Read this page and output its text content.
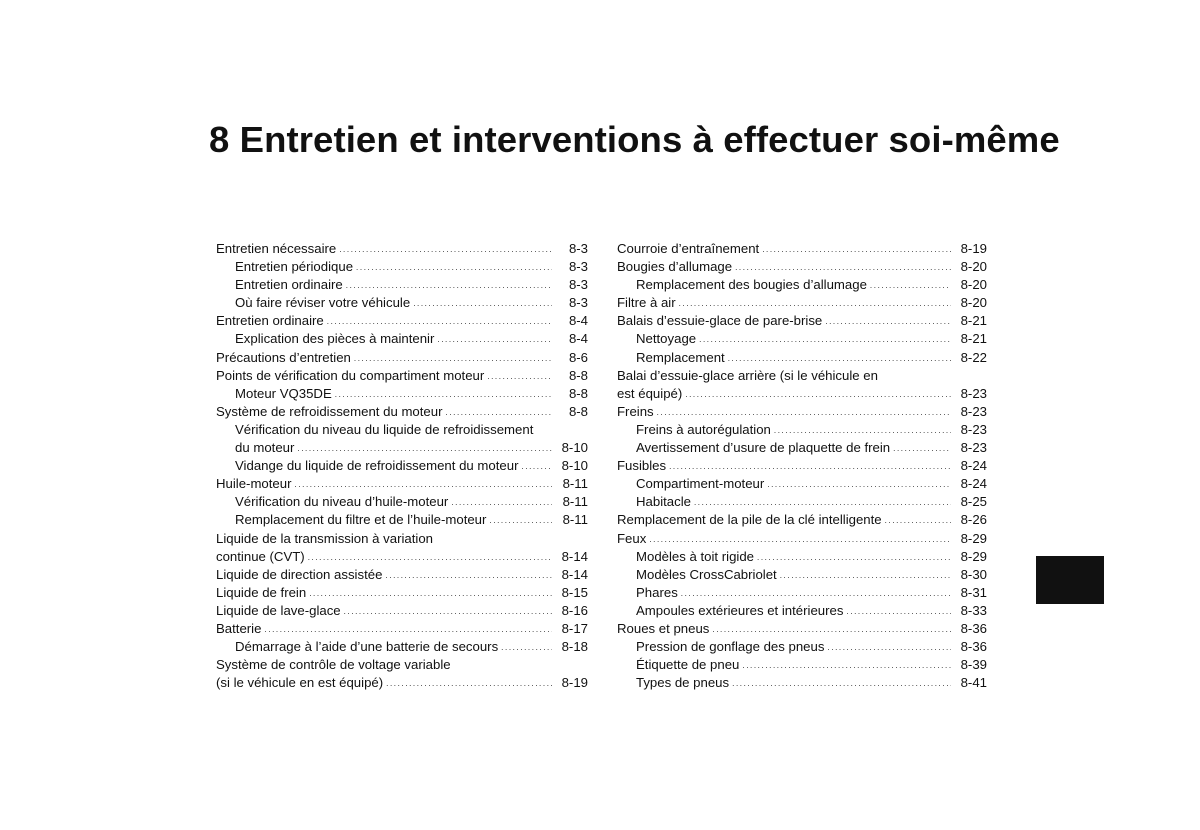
8 Entretien et interventions à effectuer soi-même
Entretien nécessaire .....	8-3
Entretien périodique .....	8-3
Entretien ordinaire .....	8-3
Où faire réviser votre véhicule .....	8-3
Entretien ordinaire .....	8-4
Explication des pièces à maintenir .....	8-4
Précautions d’entretien .....	8-6
Points de vérification du compartiment moteur .....	8-8
Moteur VQ35DE .....	8-8
Système de refroidissement du moteur .....	8-8
Vérification du niveau du liquide de refroidissement
du moteur .....	8-10
Vidange du liquide de refroidissement du moteur .....	8-10
Huile-moteur .....	8-11
Vérification du niveau d’huile-moteur .....	8-11
Remplacement du filtre et de l’huile-moteur .....	8-11
Liquide de la transmission à variation
continue (CVT) .....	8-14
Liquide de direction assistée .....	8-14
Liquide de frein .....	8-15
Liquide de lave-glace .....	8-16
Batterie .....	8-17
Démarrage à l’aide d’une batterie de secours .....	8-18
Système de contrôle de voltage variable
(si le véhicule en est équipé) .....	8-19
Courroie d’entraînement .....	8-19
Bougies d’allumage .....	8-20
Remplacement des bougies d’allumage .....	8-20
Filtre à air .....	8-20
Balais d’essuie-glace de pare-brise .....	8-21
Nettoyage .....	8-21
Remplacement .....	8-22
Balai d’essuie-glace arrière (si le véhicule en
est équipé) .....	8-23
Freins .....	8-23
Freins à autorégulation .....	8-23
Avertissement d’usure de plaquette de frein .....	8-23
Fusibles .....	8-24
Compartiment-moteur .....	8-24
Habitacle .....	8-25
Remplacement de la pile de la clé intelligente .....	8-26
Feux .....	8-29
Modèles à toit rigide .....	8-29
Modèles CrossCabriolet .....	8-30
Phares .....	8-31
Ampoules extérieures et intérieures .....	8-33
Roues et pneus .....	8-36
Pression de gonflage des pneus .....	8-36
Étiquette de pneu .....	8-39
Types de pneus .....	8-41
